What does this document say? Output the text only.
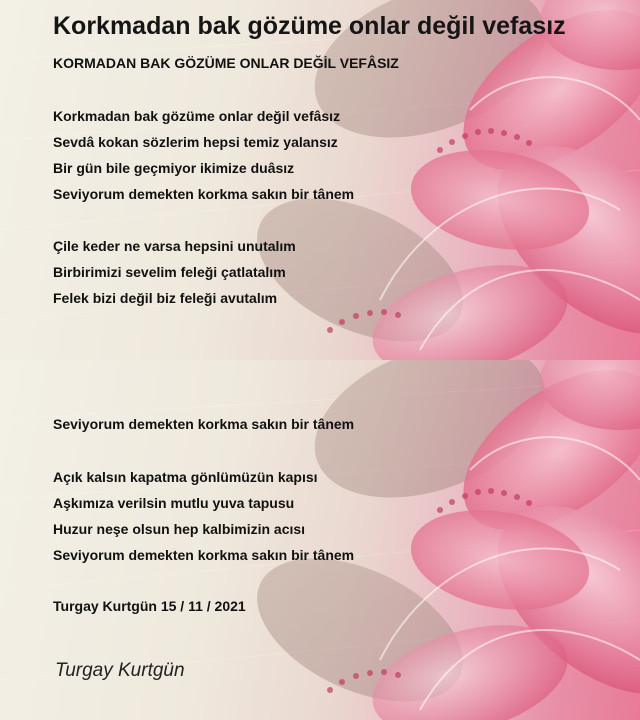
Korkmadan bak gözüme onlar değil vefasız

KORMADAN BAK GÖZÜME ONLAR DEĞİL VEFÂSIZ

Korkmadan bak gözüme onlar değil vefâsız
Sevdâ kokan sözlerim hepsi temiz yalansız
Bir gün bile geçmiyor ikimize duâsız
Seviyorum demekten korkma sakın bir tânem
Çile keder ne varsa hepsini unutalım
Birbirimizi sevelim feleği çatlatalım
Felek bizi değil biz feleği avutalım
Seviyorum demekten korkma sakın bir tânem
Açık kalsın kapatma gönlümüzün kapısı
Aşkımıza verilsin mutlu yuva tapusu
Huzur neşe olsun hep kalbimizin acısı
Seviyorum demekten korkma sakın bir tânem
Turgay Kurtgün 15 / 11 / 2021

Turgay Kurtgün
